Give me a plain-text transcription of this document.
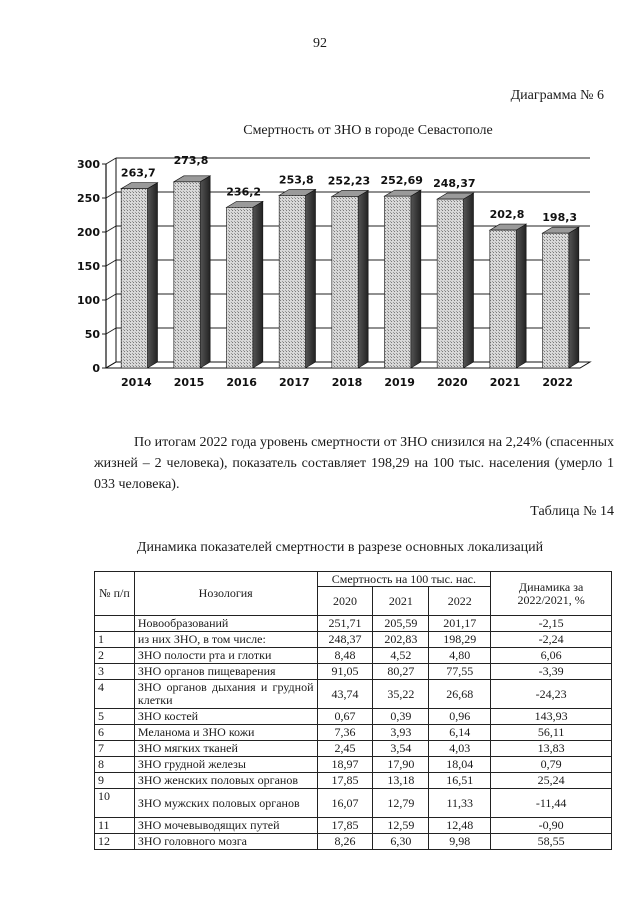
92
Диаграмма № 6
Смертность от ЗНО в городе Севастополе
0
50
100
150
200
250
300
263,7
2014
273,8
2015
236,2
2016
253,8
2017
252,23
2018
252,69
2019
248,37
2020
202,8
2021
198,3
2022
По итогам 2022 года уровень смертности от ЗНО снизился на 2,24% (спасенных жизней – 2 человека), показатель составляет 198,29 на 100 тыс. населения (умерло 1 033 человека).
Таблица № 14
Динамика показателей смертности в разрезе основных локализаций
№ п/п	Нозология	Смертность на 100 тыс. нас.			Динамика за 2022/2021, %
		2020	2021	2022	
	Новообразований	251,71	205,59	201,17	-2,15
1	из них ЗНО, в том числе:	248,37	202,83	198,29	-2,24
2	ЗНО полости рта и глотки	8,48	4,52	4,80	6,06
3	ЗНО органов пищеварения	91,05	80,27	77,55	-3,39
4	ЗНО органов дыхания и грудной клетки	43,74	35,22	26,68	-24,23
5	ЗНО костей	0,67	0,39	0,96	143,93
6	Меланома и ЗНО кожи	7,36	3,93	6,14	56,11
7	ЗНО мягких тканей	2,45	3,54	4,03	13,83
8	ЗНО грудной железы	18,97	17,90	18,04	0,79
9	ЗНО женских половых органов	17,85	13,18	16,51	25,24
10	ЗНО мужских половых органов	16,07	12,79	11,33	-11,44
11	ЗНО мочевыводящих путей	17,85	12,59	12,48	-0,90
12	ЗНО головного мозга	8,26	6,30	9,98	58,55
